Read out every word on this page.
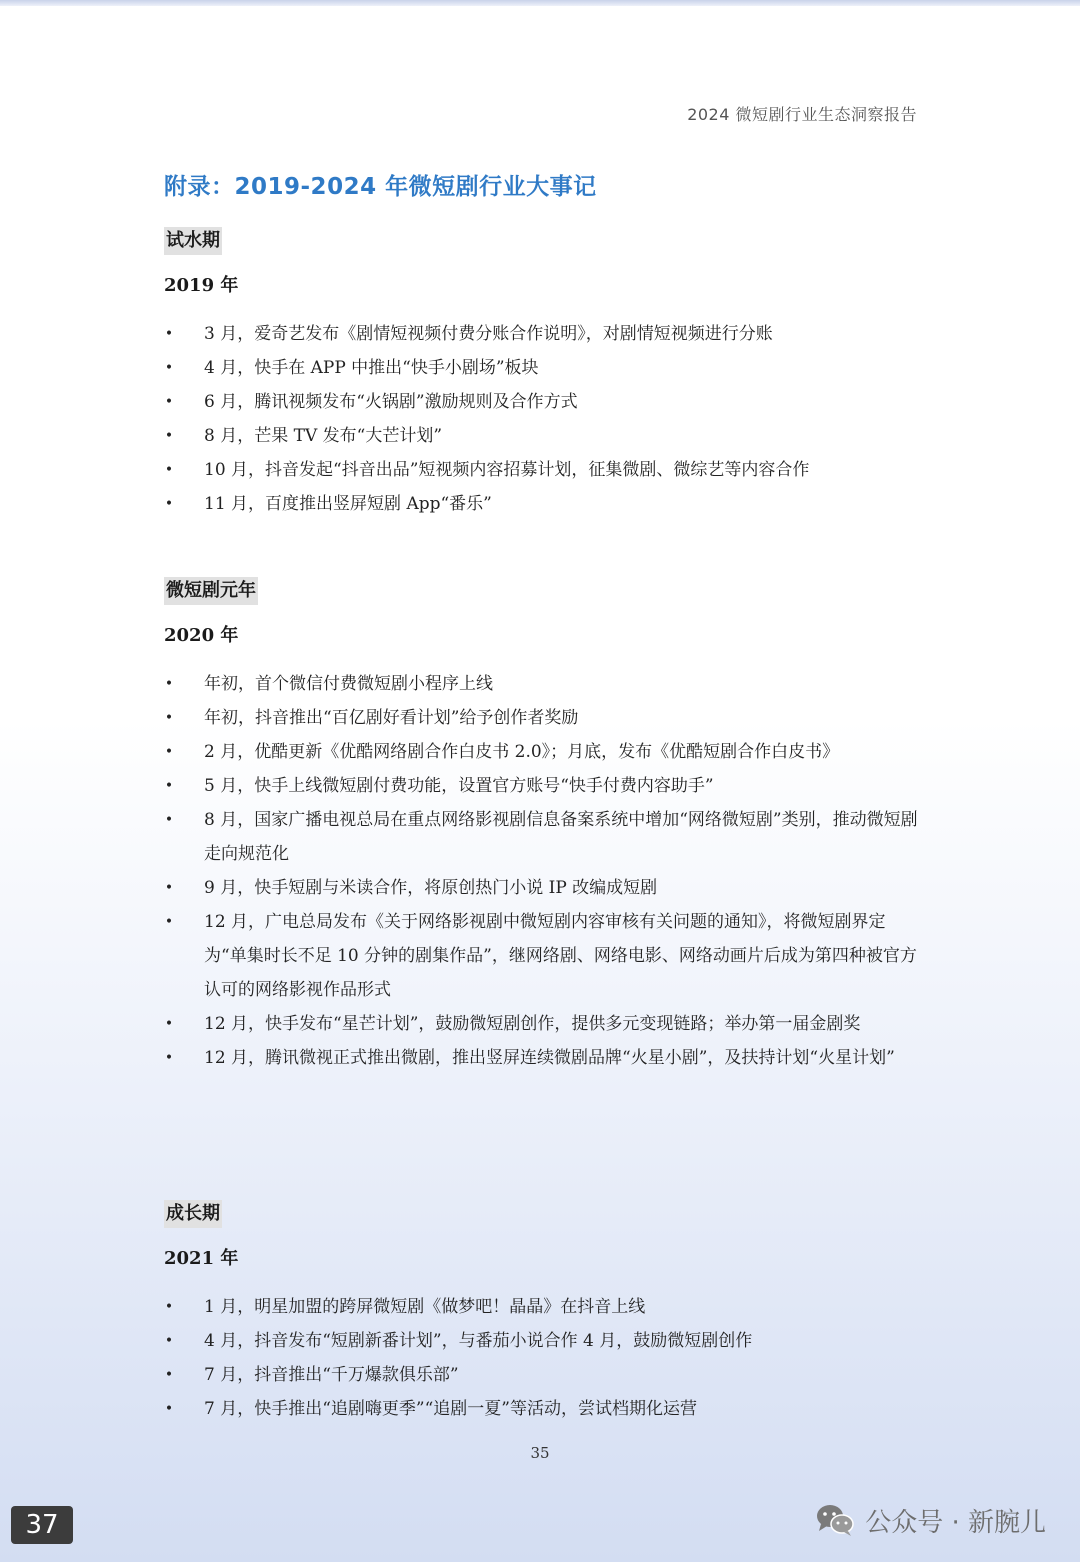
2024 微短剧行业生态洞察报告
附录：2019-2024 年微短剧行业大事记
试水期
2019 年
• 3 月，爱奇艺发布《剧情短视频付费分账合作说明》，对剧情短视频进行分账
• 4 月，快手在 APP 中推出“快手小剧场”板块
• 6 月，腾讯视频发布“火锅剧”激励规则及合作方式
• 8 月，芒果 TV 发布“大芒计划”
• 10 月，抖音发起“抖音出品”短视频内容招募计划，征集微剧、微综艺等内容合作
• 11 月，百度推出竖屏短剧 App“番乐”
微短剧元年
2020 年
• 年初，首个微信付费微短剧小程序上线
• 年初，抖音推出“百亿剧好看计划”给予创作者奖励
• 2 月，优酷更新《优酷网络剧合作白皮书 2.0》；月底，发布《优酷短剧合作白皮书》
• 5 月，快手上线微短剧付费功能，设置官方账号“快手付费内容助手”
• 8 月，国家广播电视总局在重点网络影视剧信息备案系统中增加“网络微短剧”类别，推动微短剧走向规范化
• 9 月，快手短剧与米读合作，将原创热门小说 IP 改编成短剧
• 12 月，广电总局发布《关于网络影视剧中微短剧内容审核有关问题的通知》，将微短剧界定为“单集时长不足 10 分钟的剧集作品”，继网络剧、网络电影、网络动画片后成为第四种被官方认可的网络影视作品形式
• 12 月，快手发布“星芒计划”，鼓励微短剧创作，提供多元变现链路；举办第一届金剧奖
• 12 月，腾讯微视正式推出微剧，推出竖屏连续微剧品牌“火星小剧”，及扶持计划“火星计划”
成长期
2021 年
• 1 月，明星加盟的跨屏微短剧《做梦吧！晶晶》在抖音上线
• 4 月，抖音发布“短剧新番计划”，与番茄小说合作 4 月，鼓励微短剧创作
• 7 月，抖音推出“千万爆款俱乐部”
• 7 月，快手推出“追剧嗨更季”“追剧一夏”等活动，尝试档期化运营
35
37	公众号 · 新腕儿
